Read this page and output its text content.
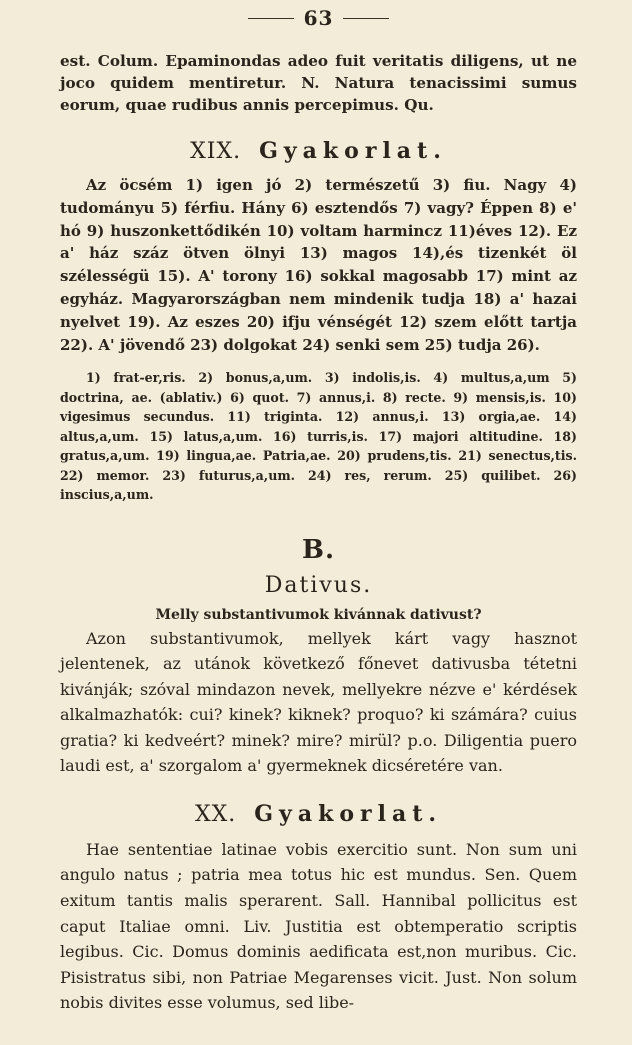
63

est. Colum. Epaminondas adeo fuit veritatis diligens, ut ne joco quidem mentiretur. N. Natura tenacissimi sumus eorum, quae rudibus annis percepimus. Qu.

XIX. Gyakorlat.

Az öcsém 1) igen jó 2) természetű 3) fiu. Nagy 4) tudományu 5) férfiu. Hány 6) esztendős 7) vagy? Éppen 8) e' hó 9) huszonkettődikén 10) voltam harmincz 11)éves 12). Ez a' ház száz ötven ölnyi 13) magos 14),és tizenkét öl szélességü 15). A' torony 16) sokkal magosabb 17) mint az egyház. Magyarországban nem mindenik tudja 18) a' hazai nyelvet 19). Az eszes 20) ifju vénségét 12) szem előtt tartja 22). A' jövendő 23) dolgokat 24) senki sem 25) tudja 26).

1) frat-er,ris. 2) bonus,a,um. 3) indolis,is. 4) multus,a,um 5) doctrina, ae. (ablativ.) 6) quot. 7) annus,i. 8) recte. 9) mensis,is. 10) vigesimus secundus. 11) triginta. 12) annus,i. 13) orgia,ae. 14) altus,a,um. 15) latus,a,um. 16) turris,is. 17) majori altitudine. 18) gratus,a,um. 19) lingua,ae. Patria,ae. 20) prudens,tis. 21) senectus,tis. 22) memor. 23) futurus,a,um. 24) res, rerum. 25) quilibet. 26) inscius,a,um.

B.
Dativus.
Melly substantivumok kivánnak dativust?

Azon substantivumok, mellyek kárt vagy hasznot jelentenek, az utánok következő főnevet dativusba tétetni kivánják; szóval mindazon nevek, mellyekre nézve e' kérdések alkalmazhatók: cui? kinek? kiknek? proquo? ki számára? cuius gratia? ki kedveért? minek? mire? mirül? p.o. Diligentia puero laudi est, a' szorgalom a' gyermeknek dicséretére van.

XX. Gyakorlat.

Hae sententiae latinae vobis exercitio sunt. Non sum uni angulo natus ; patria mea totus hic est mundus. Sen. Quem exitum tantis malis sperarent. Sall. Hannibal pollicitus est caput Italiae omni. Liv. Justitia est obtemperatio scriptis legibus. Cic. Domus dominis aedificata est,non muribus. Cic. Pisistratus sibi, non Patriae Megarenses vicit. Just. Non solum nobis divites esse volumus, sed libe-
